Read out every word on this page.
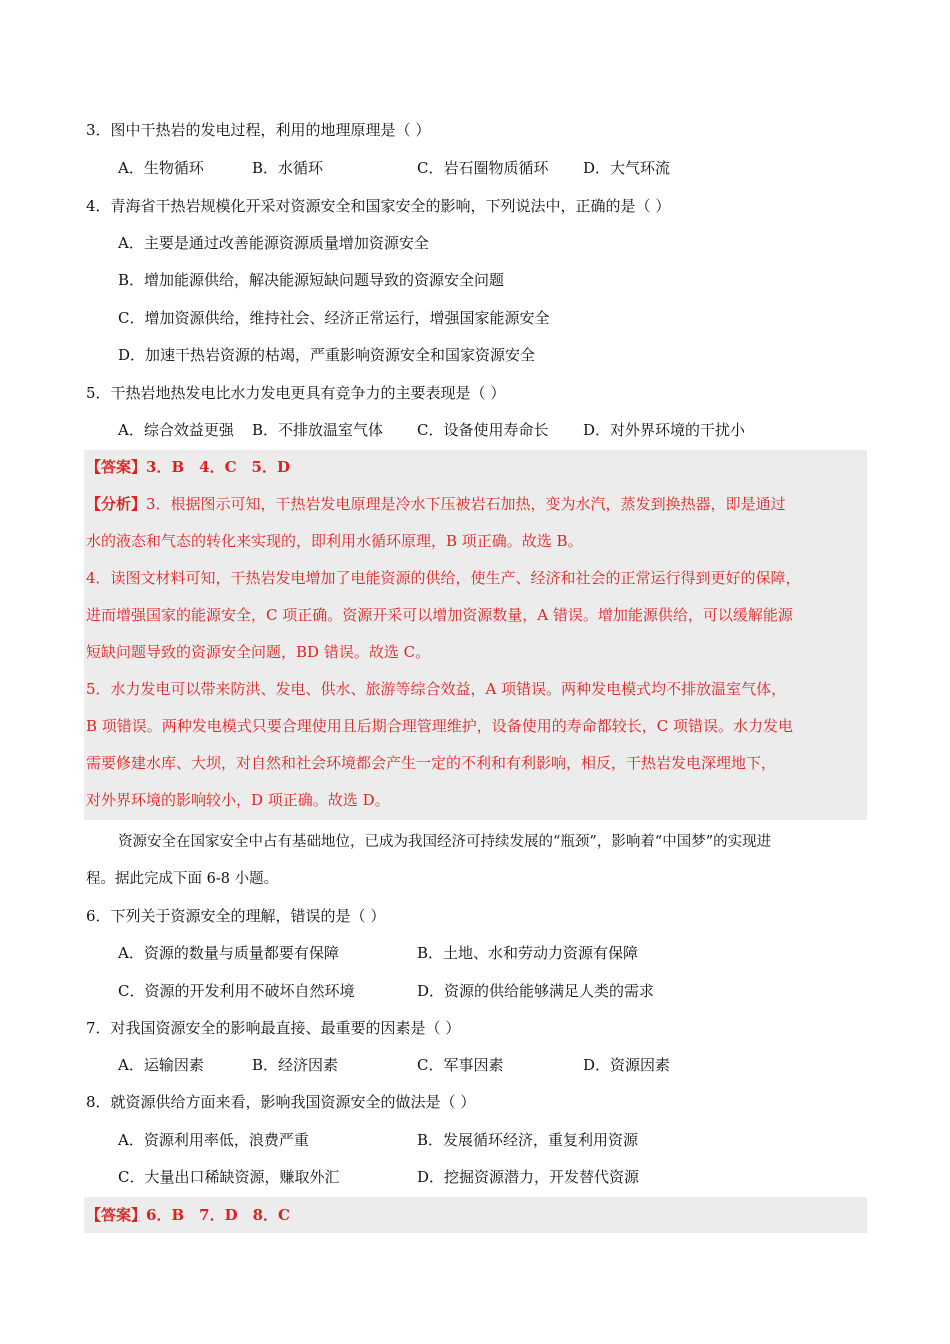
3．图中干热岩的发电过程，利用的地理原理是（ ）
A．生物循环	B．水循环	C．岩石圈物质循环 D．大气环流
4．青海省干热岩规模化开采对资源安全和国家安全的影响，下列说法中，正确的是（ ）
A．主要是通过改善能源资源质量增加资源安全
B．增加能源供给，解决能源短缺问题导致的资源安全问题
C．增加资源供给，维持社会、经济正常运行，增强国家能源安全
D．加速干热岩资源的枯竭，严重影响资源安全和国家资源安全
5．干热岩地热发电比水力发电更具有竞争力的主要表现是（ ）
A．综合效益更强 B．不排放温室气体 C．设备使用寿命长 D．对外界环境的干扰小
【答案】3．B　4．C　5．D
【分析】3．根据图示可知，干热岩发电原理是冷水下压被岩石加热，变为水汽，蒸发到换热器，即是通过
水的液态和气态的转化来实现的，即利用水循环原理，B 项正确。故选 B。
4．读图文材料可知，干热岩发电增加了电能资源的供给，使生产、经济和社会的正常运行得到更好的保障，
进而增强国家的能源安全，C 项正确。资源开采可以增加资源数量，A 错误。增加能源供给，可以缓解能源
短缺问题导致的资源安全问题，BD 错误。故选 C。
5．水力发电可以带来防洪、发电、供水、旅游等综合效益，A 项错误。两种发电模式均不排放温室气体，
B 项错误。两种发电模式只要合理使用且后期合理管理维护，设备使用的寿命都较长，C 项错误。水力发电
需要修建水库、大坝，对自然和社会环境都会产生一定的不利和有利影响，相反，干热岩发电深埋地下，
对外界环境的影响较小，D 项正确。故选 D。
资源安全在国家安全中占有基础地位，已成为我国经济可持续发展的“瓶颈”，影响着“中国梦”的实现进
程。据此完成下面 6-8 小题。
6．下列关于资源安全的理解，错误的是（ ）
A．资源的数量与质量都要有保障	B．土地、水和劳动力资源有保障
C．资源的开发利用不破坏自然环境	D．资源的供给能够满足人类的需求
7．对我国资源安全的影响最直接、最重要的因素是（ ）
A．运输因素	B．经济因素	C．军事因素	D．资源因素
8．就资源供给方面来看，影响我国资源安全的做法是（ ）
A．资源利用率低，浪费严重	B．发展循环经济，重复利用资源
C．大量出口稀缺资源，赚取外汇	D．挖掘资源潜力，开发替代资源
【答案】6．B　7．D　8．C
